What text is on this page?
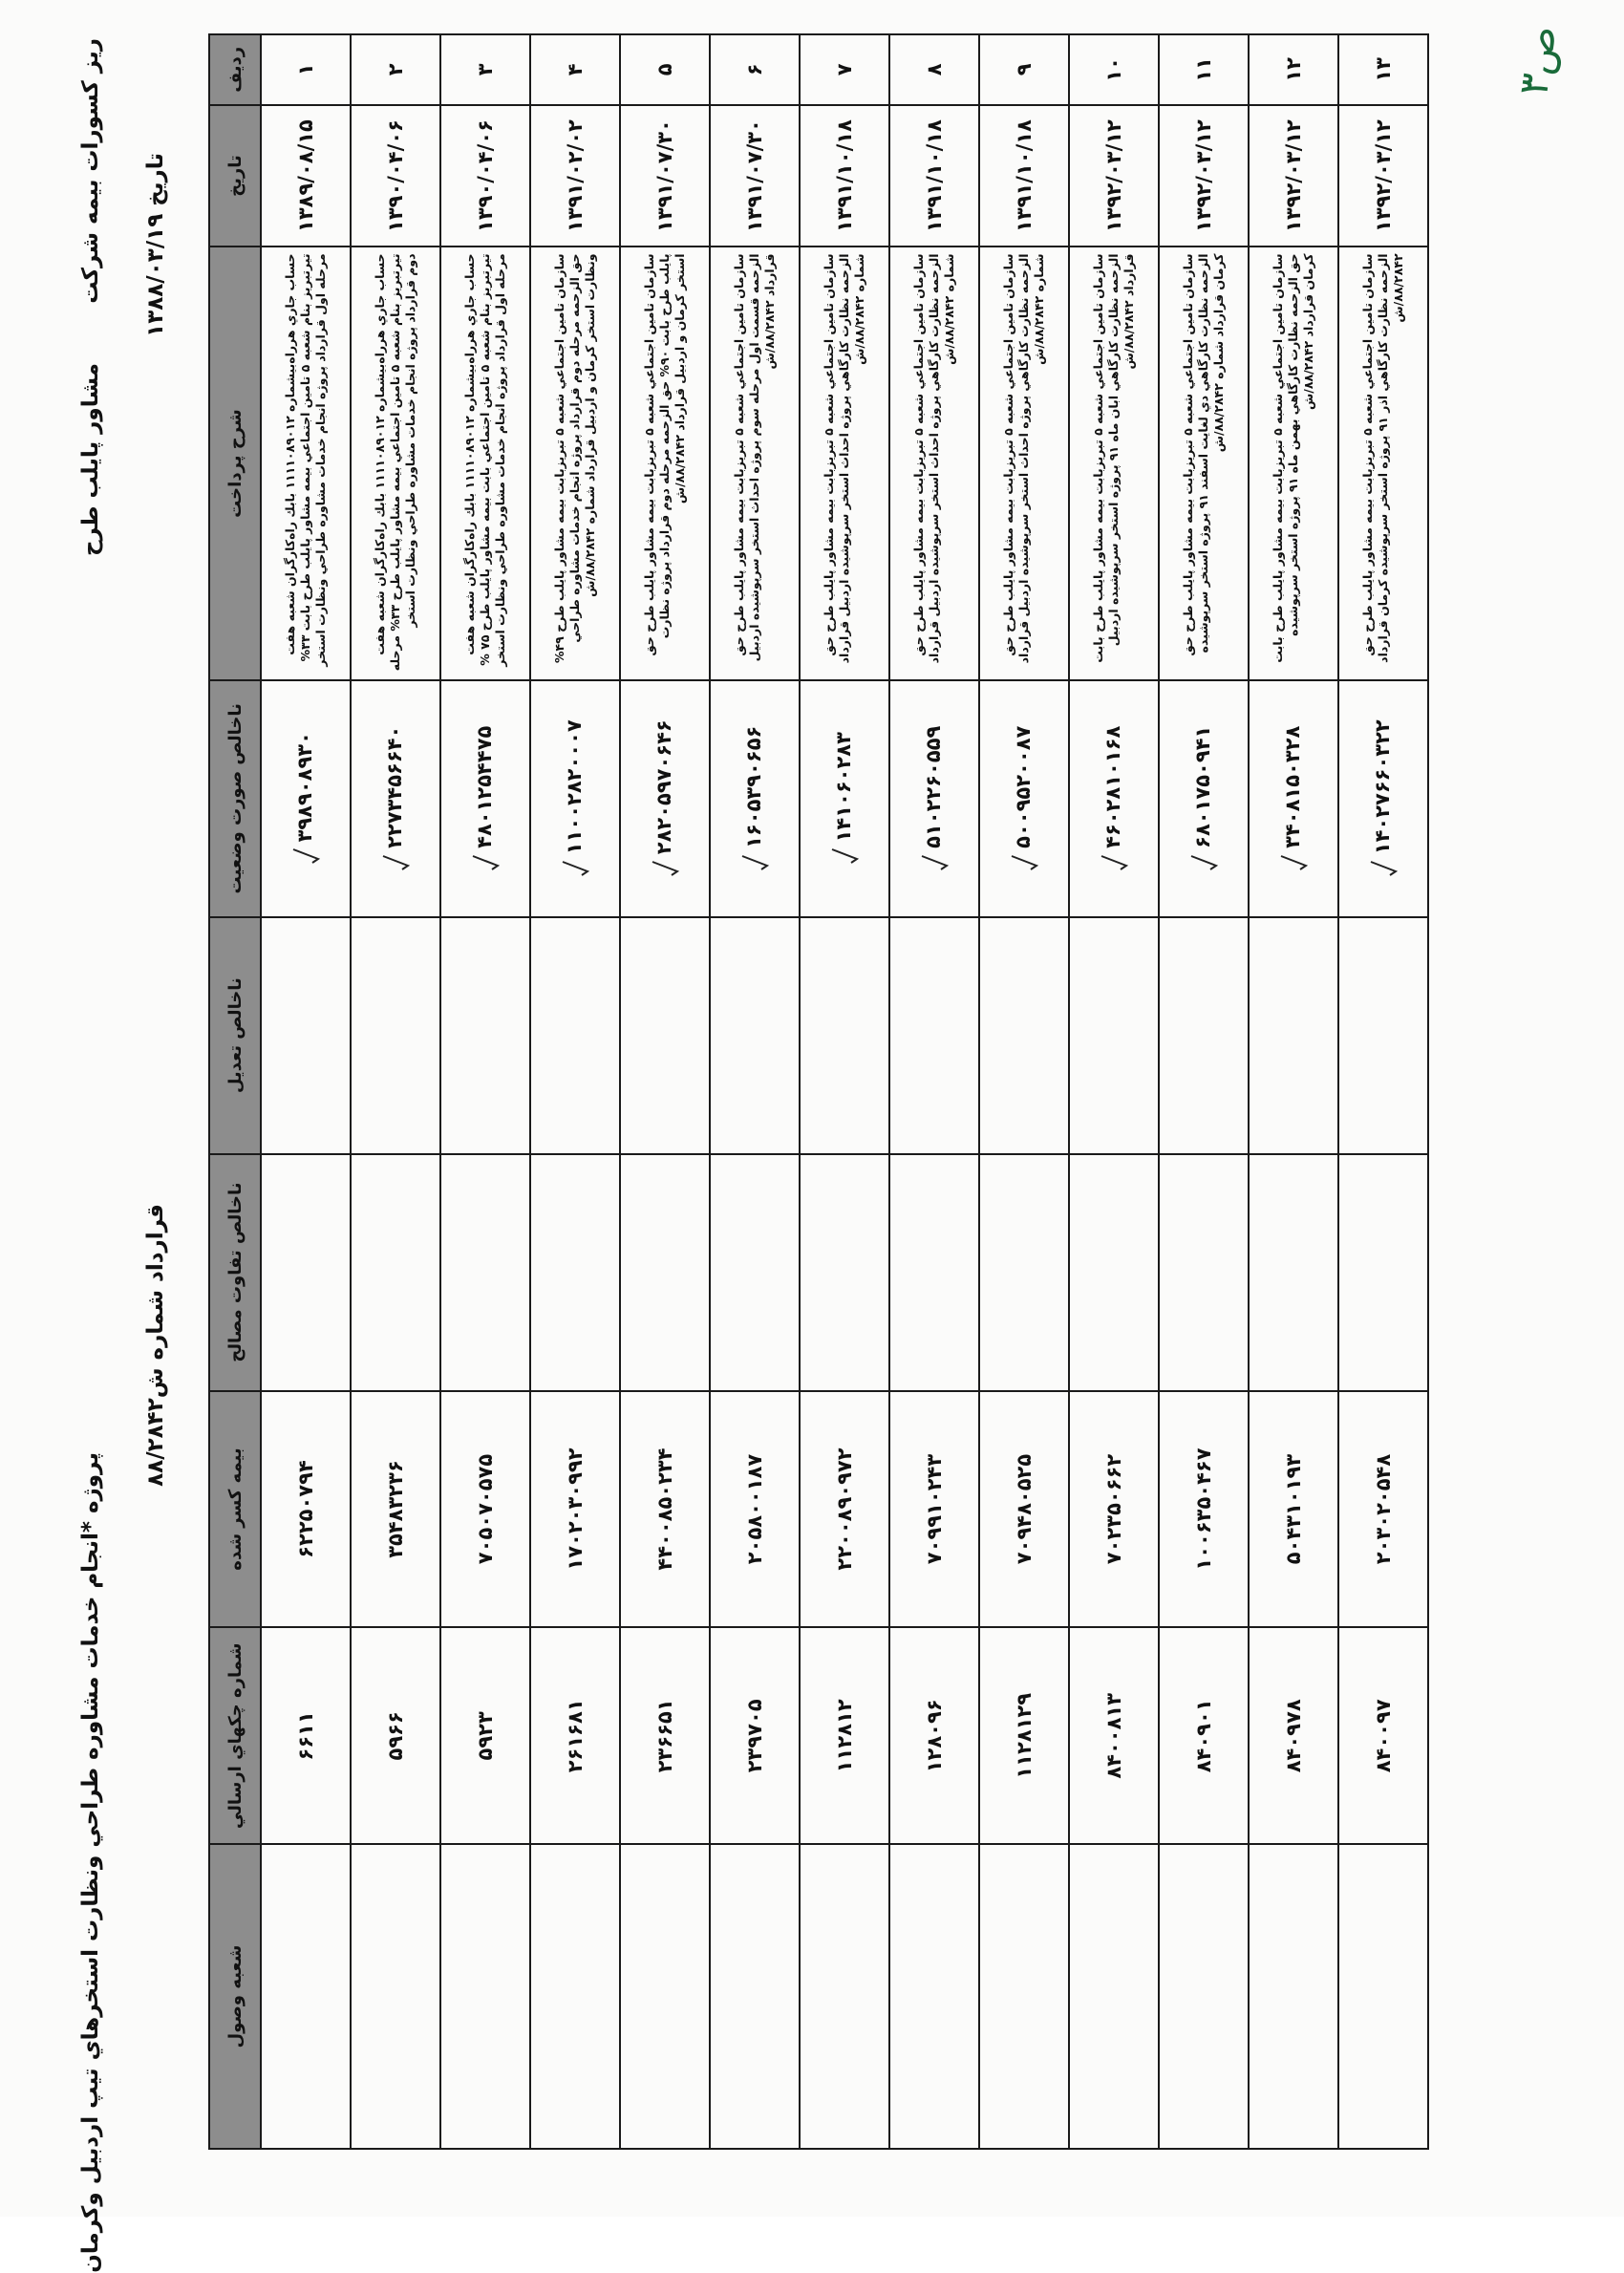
پروژه *انجام خدمات مشاوره طراحي ونظارت استخرهاي تيپ اردبيل وكرمان
مشاور پايلب طرح
ريز كسورات بيمه شركت
قرارداد شماره ش۸۸/۲۸۴۲
تاريخ ۱۳۸۸/۰۳/۱۹
رديف	تاريخ	شرح پرداخت	ناخالص صورت وضعيت	ناخالص تعديل	ناخالص تفاوت مصالح	بيمه كسر شده	شماره چكهاي ارسالي	شعبه وصول
۱	۱۳۸۹/۰۸/۱۵	حساب جاري هرراه‌بيشماره ۱۱۱۱۰۸۹۰۱۲ بابك راه‌كارگران شعبه هفت تيرتبريز بنام شعبه ۵ تامين اجتماعي بيمه مشاور پايلب طرح بابت ۳۳% مرحله اول قرارداد پروژه انجام خدمات مشاوره طراحي ونظارت استخر	۳۹۸۹۰۸۹۳۰			۶۲۲۵۰۷۹۴	۶۶۱۱	
۲	۱۳۹۰/۰۴/۰۶	حساب جاري هرراه‌بيشماره ۱۱۱۱۰۸۹۰۱۲ بابك راه‌كارگران شعبه هفت تيرتبريز بنام شعبه ۵ تامين اجتماعي بيمه مشاور پايلب طرح ۳۳% مرحله دوم قرارداد پروژه انجام خدمات مشاوره طراحي ونظارت استخر	۲۲۷۳۴۵۶۶۴۰			۳۵۴۸۳۲۳۶	۵۹۶۶	
۳	۱۳۹۰/۰۴/۰۶	حساب جاري هرراه‌بيشماره ۱۱۱۱۰۸۹۰۱۲ بابك راه‌كارگران شعبه هفت تيرتبريز بنام شعبه ۵ تامين اجتماعي بابت بيمه مشاور پايلب طرح ۷۵ % مرحله اول قرارداد پروژه انجام خدمات مشاوره طراحي ونظارت استخر	۴۸۰۱۲۵۴۴۷۵			۷۰۵۰۷۰۵۷۵	۵۹۲۳	
۴	۱۳۹۱/۰۲/۰۲	سازمان تامين اجتماعي شعبه ۵ تبريزبابت بيمه مشاور پايلب طرح ۴۹% حق الزحمه مرحله دوم قرارداد پروژه انجام خدمات مشاوره طراحي ونظارت استخر كرمان و اردبيل قرارداد شماره ۸۸/۲۸۴۲/ش	۱۱۰۰۲۸۲۰۰۰۷			۱۷۰۲۰۳۰۹۹۲	۲۶۱۶۸۱	
۵	۱۳۹۱/۰۷/۳۰	سازمان تامين اجتماعي شعبه ۵ تبريزبابت بيمه مشاور پايلب طرح حق پايلب طرح بابت ۹۰% حق الزحمه مرحله دوم قرارداد پروژه نظارت استخر كرمان و اردبيل قرارداد ۸۸/۲۸۴۲/ش	۲۸۲۰۵۹۷۰۶۴۶			۴۴۰۰۸۵۰۲۳۴	۲۳۶۶۵۱	
۶	۱۳۹۱/۰۷/۳۰	سازمان تامين اجتماعي شعبه ۵ تبريزبابت بيمه مشاور پايلب طرح حق الزحمه قسمت اول مرحله سوم پروژه احداث استخر سرپوشيده اردبيل قرارداد ۸۸/۲۸۴۲/ش	۱۶۰۵۳۹۰۶۵۶			۲۰۵۸۰۰۱۸۷	۲۳۹۷۰۵	
۷	۱۳۹۱/۱۰/۱۸	سازمان تامين اجتماعي شعبه ۵ تبريزبابت بيمه مشاور پايلب طرح حق الزحمه نظارت كارگاهي پروژه احداث استخر سرپوشيده اردبيل قرارداد شماره ۸۸/۲۸۴۲/ش	۱۴۱۰۶۰۲۸۳			۲۲۰۰۸۹۰۹۷۲	۱۱۲۸۱۲	
۸	۱۳۹۱/۱۰/۱۸	سازمان تامين اجتماعي شعبه ۵ تبريزبابت بيمه مشاور پايلب طرح حق الزحمه نظارت كارگاهي پروژه احداث استخر سرپوشيده اردبيل قرارداد شماره ۸۸/۲۸۴۲/ش	۵۱۰۲۲۶۰۵۵۹			۷۰۹۹۱۰۲۴۳	۱۲۸۰۹۶	
۹	۱۳۹۱/۱۰/۱۸	سازمان تامين اجتماعي شعبه ۵ تبريزبابت بيمه مشاور پايلب طرح حق الزحمه نظارت كارگاهي پروژه احداث استخر سرپوشيده اردبيل قرارداد شماره ۸۸/۲۸۴۲/ش	۵۰۰۹۵۲۰۰۸۷			۷۰۹۴۸۰۵۲۵	۱۱۲۸۱۲۹	
۱۰	۱۳۹۲/۰۳/۱۲	سازمان تامين اجتماعي شعبه ۵ تبريزبابت بيمه مشاور پايلب طرح بابت الزحمه نظارت كارگاهي ابان ماه ۹۱ پروژه استخر سرپوشيده اردبيل قرارداد ۸۸/۲۸۴۲/ش	۴۶۰۲۸۱۰۱۶۸			۷۰۲۳۵۰۶۶۲	۸۴۰۰۸۱۳	
۱۱	۱۳۹۲/۰۳/۱۲	سازمان تامين اجتماعي شعبه ۵ تبريزبابت بيمه مشاور پايلب طرح حق الزحمه نظارت كارگاهي دي لغايت اسفند ۹۱ پروژه استخر سرپوشيده كرمان قرارداد شماره ۸۸/۲۸۴۲/ش	۶۸۰۱۷۵۰۹۴۱			۱۰۰۶۳۵۰۴۶۷	۸۴۰۹۰۱	
۱۲	۱۳۹۲/۰۳/۱۲	سازمان تامين اجتماعي شعبه ۵ تبريزبابت بيمه مشاور پايلب طرح بابت حق الزحمه نظارت كارگاهي بهمن ماه ۹۱ پروژه استخر سرپوشيده كرمان قرارداد ۸۸/۲۸۴۲/ش	۳۴۰۸۱۵۰۳۲۸			۵۰۴۳۱۰۱۹۳	۸۴۰۹۷۸	
۱۳	۱۳۹۲/۰۳/۱۲	سازمان تامين اجتماعي شعبه ۵ تبريزبابت بيمه مشاور پايلب طرح حق الزحمه نظارت كارگاهي اذر ۹۱ پروژه استخر سرپوشيده كرمان قرارداد ۸۸/۲۸۴۲/ش	۱۴۰۲۷۶۶۰۳۲۲			۲۰۳۰۲۰۵۴۸	۸۴۰۰۹۷	
ص۳
